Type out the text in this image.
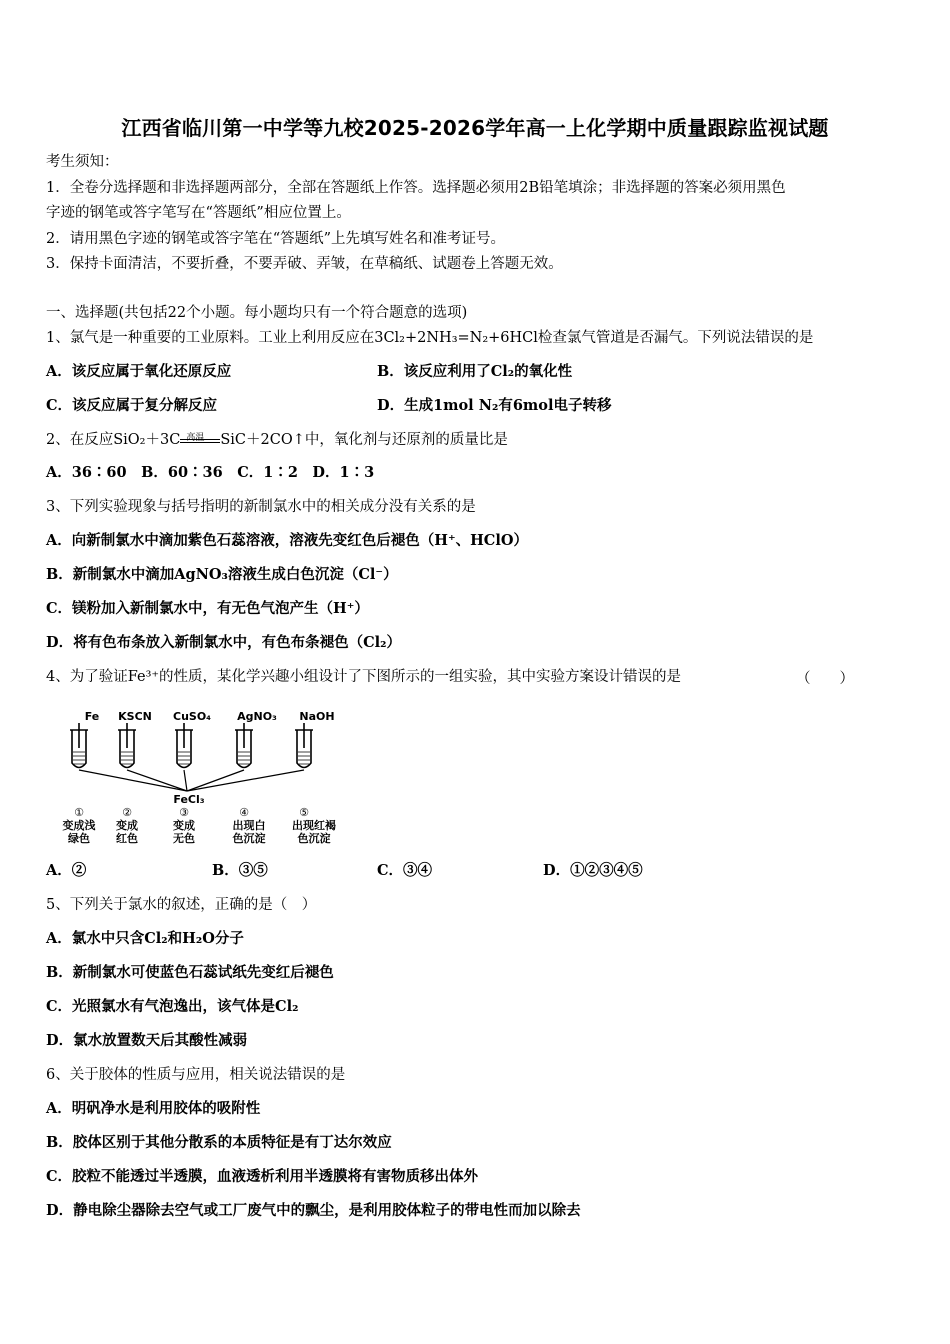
江西省临川第一中学等九校2025-2026学年高一上化学期中质量跟踪监视试题
考生须知：
1．全卷分选择题和非选择题两部分，全部在答题纸上作答。选择题必须用2B铅笔填涂；非选择题的答案必须用黑色
字迹的钢笔或答字笔写在“答题纸”相应位置上。
2．请用黑色字迹的钢笔或答字笔在“答题纸”上先填写姓名和准考证号。
3．保持卡面清洁，不要折叠，不要弄破、弄皱，在草稿纸、试题卷上答题无效。
一、选择题(共包括22个小题。每小题均只有一个符合题意的选项)
1、氯气是一种重要的工业原料。工业上利用反应在3Cl₂+2NH₃=N₂+6HCl检查氯气管道是否漏气。下列说法错误的是
A．该反应属于氧化还原反应	B．该反应利用了Cl₂的氧化性
C．该反应属于复分解反应	D．生成1mol N₂有6mol电子转移
2、在反应SiO₂＋3C 高温 SiC＋2CO↑中，氧化剂与还原剂的质量比是
A．36∶60　B．60∶36　C．1∶2　D．1∶3
3、下列实验现象与括号指明的新制氯水中的相关成分没有关系的是
A．向新制氯水中滴加紫色石蕊溶液，溶液先变红色后褪色（H⁺、HClO）
B．新制氯水中滴加AgNO₃溶液生成白色沉淀（Cl⁻）
C．镁粉加入新制氯水中，有无色气泡产生（H⁺）
D．将有色布条放入新制氯水中，有色布条褪色（Cl₂）
4、为了验证Fe³⁺的性质，某化学兴趣小组设计了下图所示的一组实验，其中实验方案设计错误的是	（　　）
Fe KSCN CuSO₄ AgNO₃ NaOH
FeCl₃
①	②	③	④	⑤
变成浅 变成	变成	出现白 出现红褐
绿色 红色	无色	色沉淀	色沉淀
A．②	B．③⑤	C．③④	D．①②③④⑤
5、下列关于氯水的叙述，正确的是（　）
A．氯水中只含Cl₂和H₂O分子
B．新制氯水可使蓝色石蕊试纸先变红后褪色
C．光照氯水有气泡逸出，该气体是Cl₂
D．氯水放置数天后其酸性减弱
6、关于胶体的性质与应用，相关说法错误的是
A．明矾净水是利用胶体的吸附性
B．胶体区别于其他分散系的本质特征是有丁达尔效应
C．胶粒不能透过半透膜，血液透析利用半透膜将有害物质移出体外
D．静电除尘器除去空气或工厂废气中的飘尘，是利用胶体粒子的带电性而加以除去
